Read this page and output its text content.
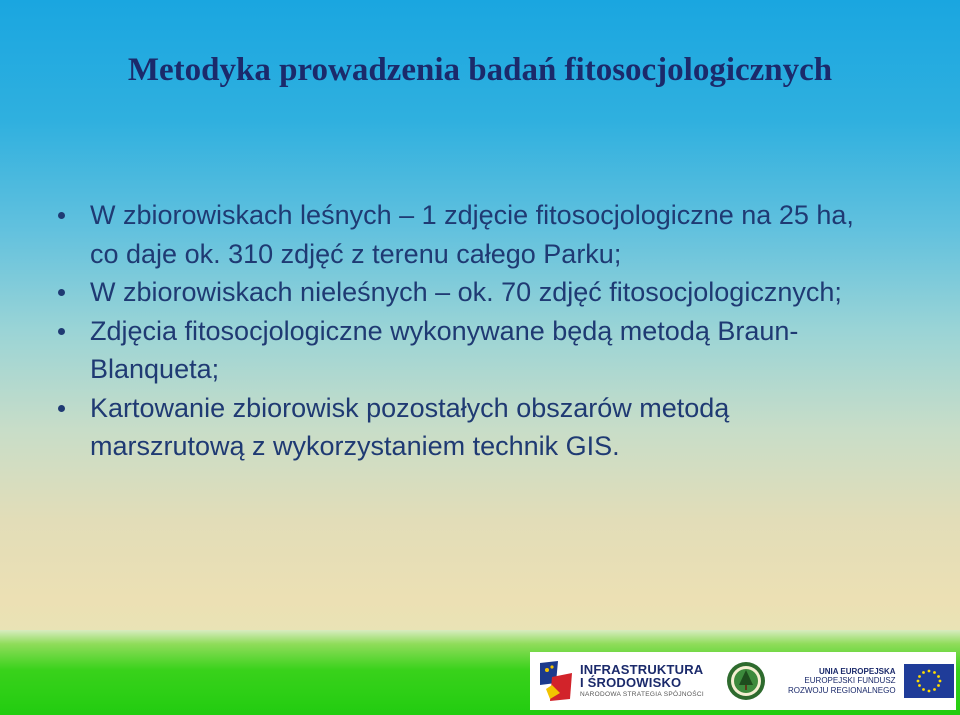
Metodyka prowadzenia badań fitosocjologicznych
W zbiorowiskach leśnych – 1 zdjęcie fitosocjologiczne na 25 ha, co daje ok. 310 zdjęć z terenu całego Parku;
W zbiorowiskach nieleśnych – ok. 70 zdjęć fitosocjologicznych;
Zdjęcia fitosocjologiczne wykonywane będą metodą Braun-Blanqueta;
Kartowanie zbiorowisk pozostałych obszarów metodą marszrutową z wykorzystaniem technik GIS.
INFRASTRUKTURA
I ŚRODOWISKO
NARODOWA STRATEGIA SPÓJNOŚCI
UNIA EUROPEJSKA
EUROPEJSKI FUNDUSZ
ROZWOJU REGIONALNEGO
